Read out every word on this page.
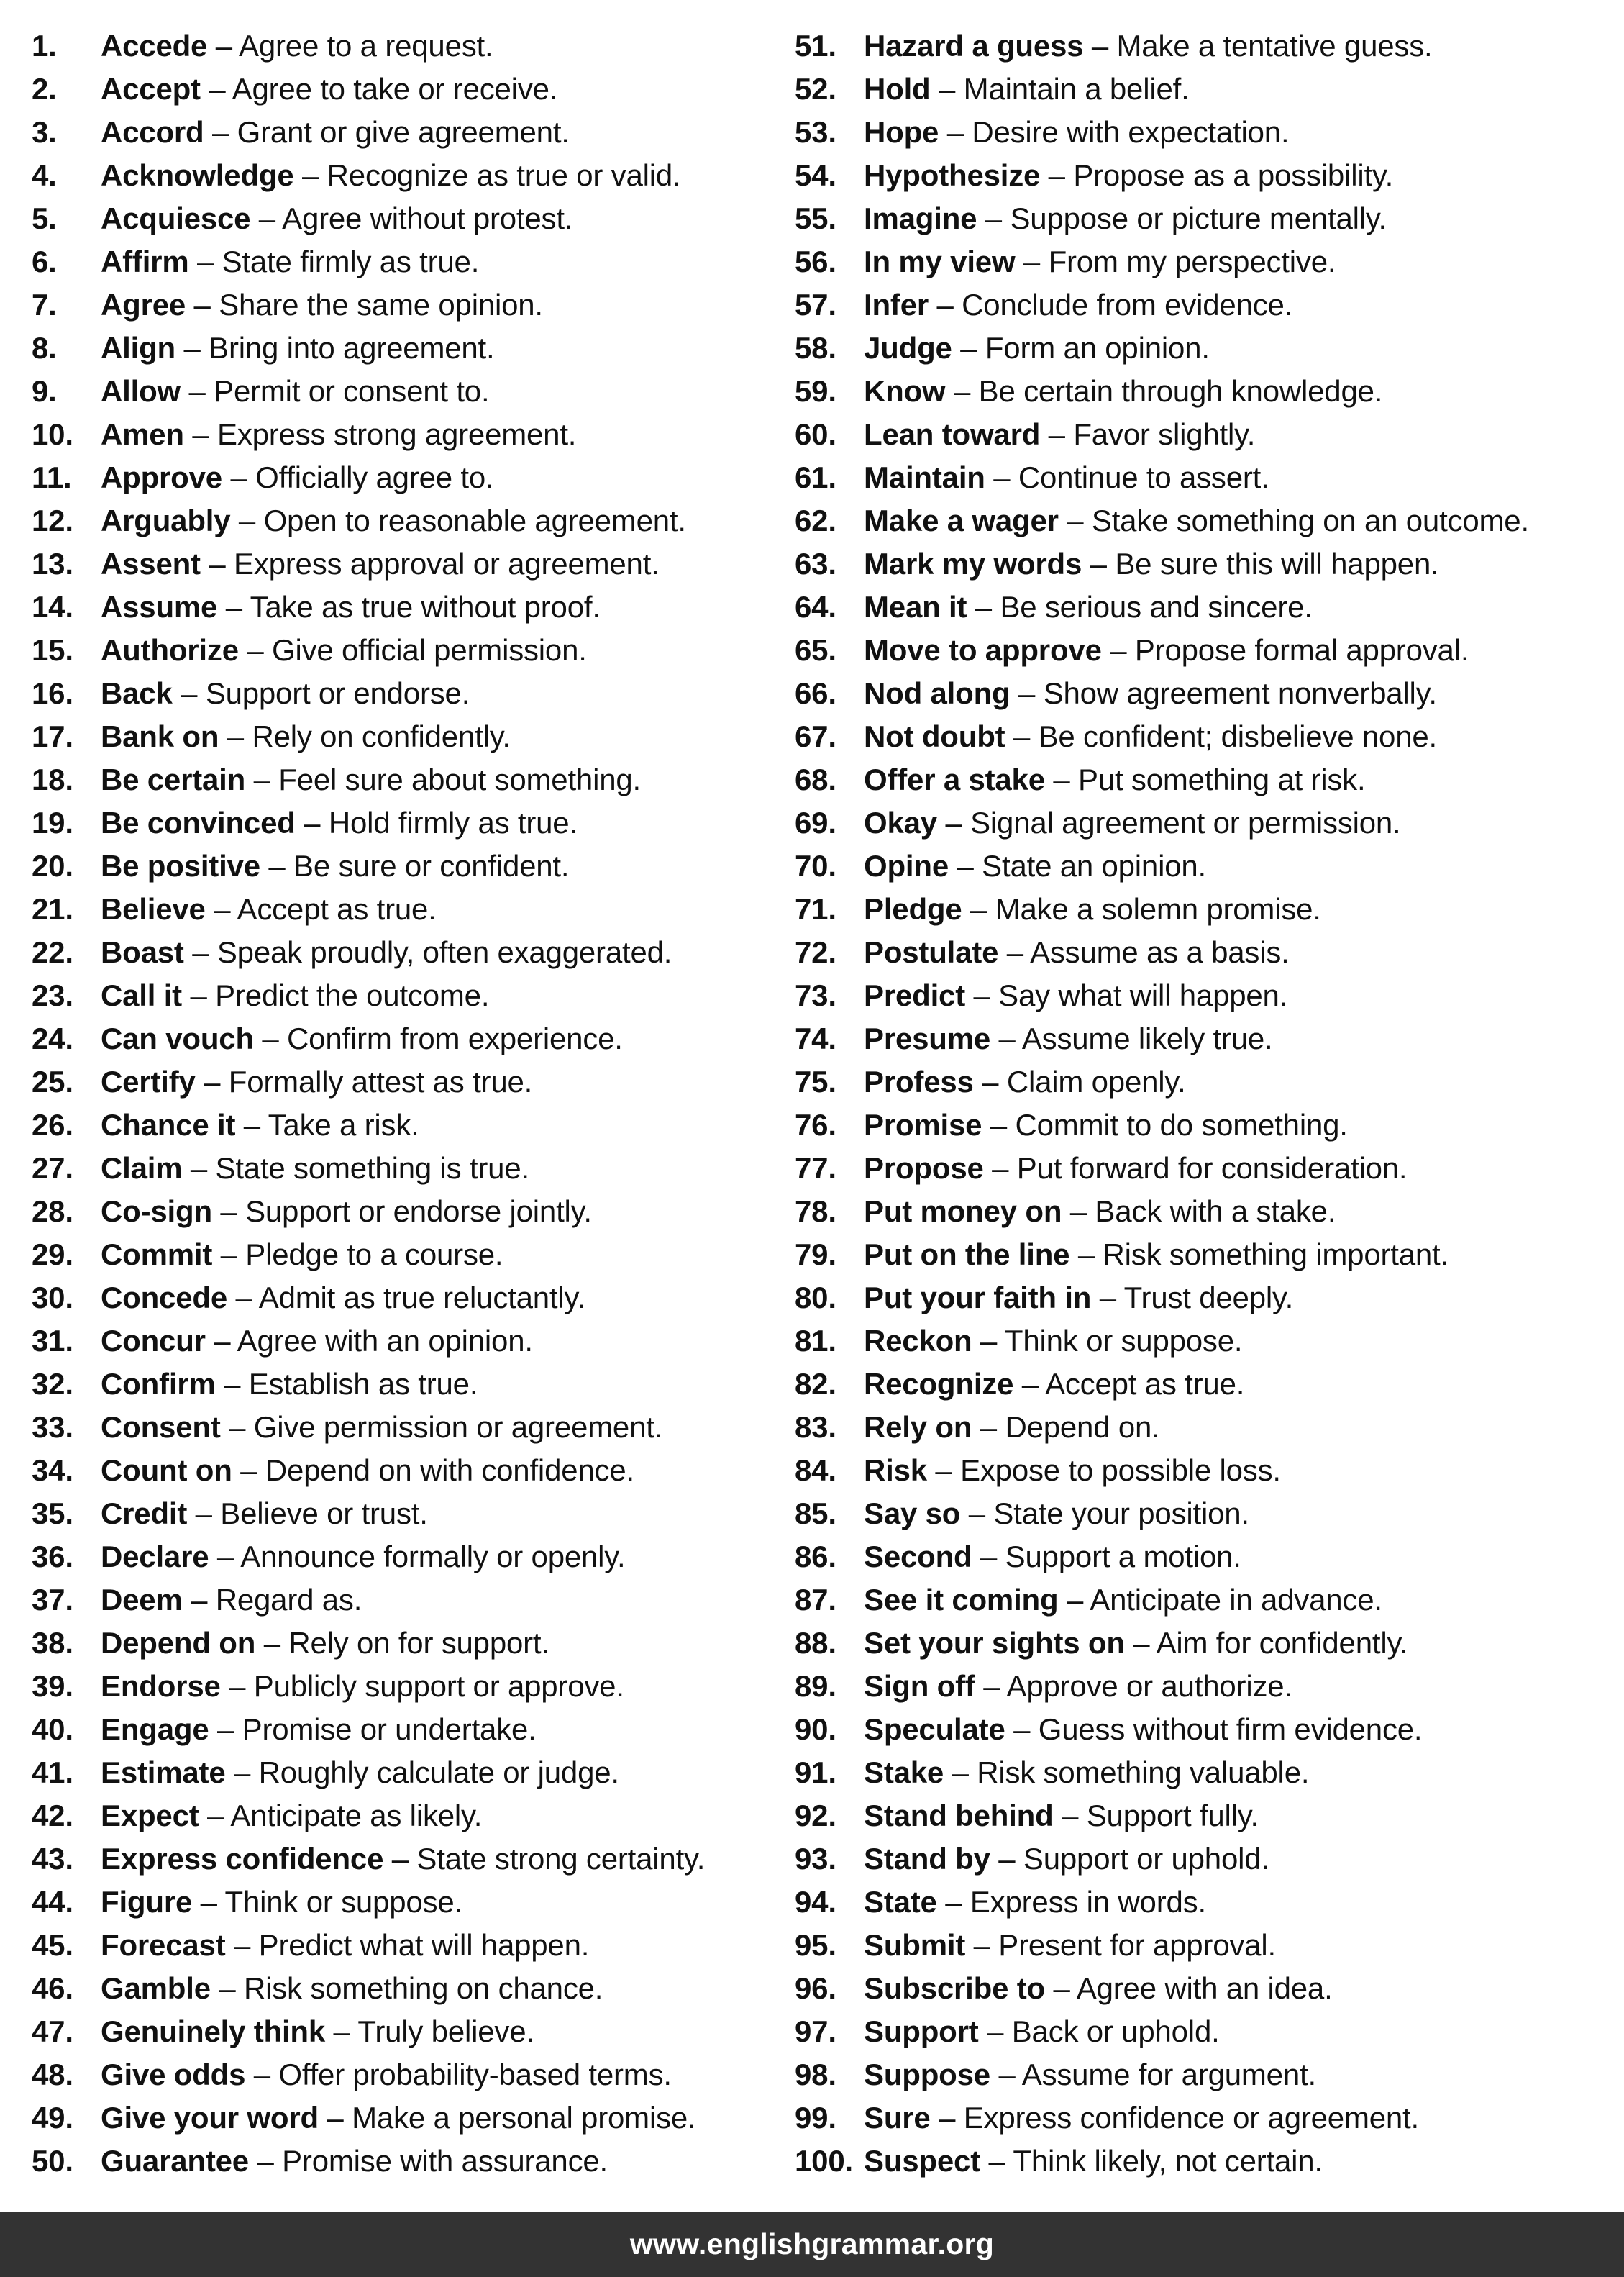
1. Accede – Agree to a request.
2. Accept – Agree to take or receive.
3. Accord – Grant or give agreement.
4. Acknowledge – Recognize as true or valid.
5. Acquiesce – Agree without protest.
6. Affirm – State firmly as true.
7. Agree – Share the same opinion.
8. Align – Bring into agreement.
9. Allow – Permit or consent to.
10. Amen – Express strong agreement.
11. Approve – Officially agree to.
12. Arguably – Open to reasonable agreement.
13. Assent – Express approval or agreement.
14. Assume – Take as true without proof.
15. Authorize – Give official permission.
16. Back – Support or endorse.
17. Bank on – Rely on confidently.
18. Be certain – Feel sure about something.
19. Be convinced – Hold firmly as true.
20. Be positive – Be sure or confident.
21. Believe – Accept as true.
22. Boast – Speak proudly, often exaggerated.
23. Call it – Predict the outcome.
24. Can vouch – Confirm from experience.
25. Certify – Formally attest as true.
26. Chance it – Take a risk.
27. Claim – State something is true.
28. Co-sign – Support or endorse jointly.
29. Commit – Pledge to a course.
30. Concede – Admit as true reluctantly.
31. Concur – Agree with an opinion.
32. Confirm – Establish as true.
33. Consent – Give permission or agreement.
34. Count on – Depend on with confidence.
35. Credit – Believe or trust.
36. Declare – Announce formally or openly.
37. Deem – Regard as.
38. Depend on – Rely on for support.
39. Endorse – Publicly support or approve.
40. Engage – Promise or undertake.
41. Estimate – Roughly calculate or judge.
42. Expect – Anticipate as likely.
43. Express confidence – State strong certainty.
44. Figure – Think or suppose.
45. Forecast – Predict what will happen.
46. Gamble – Risk something on chance.
47. Genuinely think – Truly believe.
48. Give odds – Offer probability-based terms.
49. Give your word – Make a personal promise.
50. Guarantee – Promise with assurance.
51. Hazard a guess – Make a tentative guess.
52. Hold – Maintain a belief.
53. Hope – Desire with expectation.
54. Hypothesize – Propose as a possibility.
55. Imagine – Suppose or picture mentally.
56. In my view – From my perspective.
57. Infer – Conclude from evidence.
58. Judge – Form an opinion.
59. Know – Be certain through knowledge.
60. Lean toward – Favor slightly.
61. Maintain – Continue to assert.
62. Make a wager – Stake something on an outcome.
63. Mark my words – Be sure this will happen.
64. Mean it – Be serious and sincere.
65. Move to approve – Propose formal approval.
66. Nod along – Show agreement nonverbally.
67. Not doubt – Be confident; disbelieve none.
68. Offer a stake – Put something at risk.
69. Okay – Signal agreement or permission.
70. Opine – State an opinion.
71. Pledge – Make a solemn promise.
72. Postulate – Assume as a basis.
73. Predict – Say what will happen.
74. Presume – Assume likely true.
75. Profess – Claim openly.
76. Promise – Commit to do something.
77. Propose – Put forward for consideration.
78. Put money on – Back with a stake.
79. Put on the line – Risk something important.
80. Put your faith in – Trust deeply.
81. Reckon – Think or suppose.
82. Recognize – Accept as true.
83. Rely on – Depend on.
84. Risk – Expose to possible loss.
85. Say so – State your position.
86. Second – Support a motion.
87. See it coming – Anticipate in advance.
88. Set your sights on – Aim for confidently.
89. Sign off – Approve or authorize.
90. Speculate – Guess without firm evidence.
91. Stake – Risk something valuable.
92. Stand behind – Support fully.
93. Stand by – Support or uphold.
94. State – Express in words.
95. Submit – Present for approval.
96. Subscribe to – Agree with an idea.
97. Support – Back or uphold.
98. Suppose – Assume for argument.
99. Sure – Express confidence or agreement.
100. Suspect – Think likely, not certain.
www.englishgrammar.org
